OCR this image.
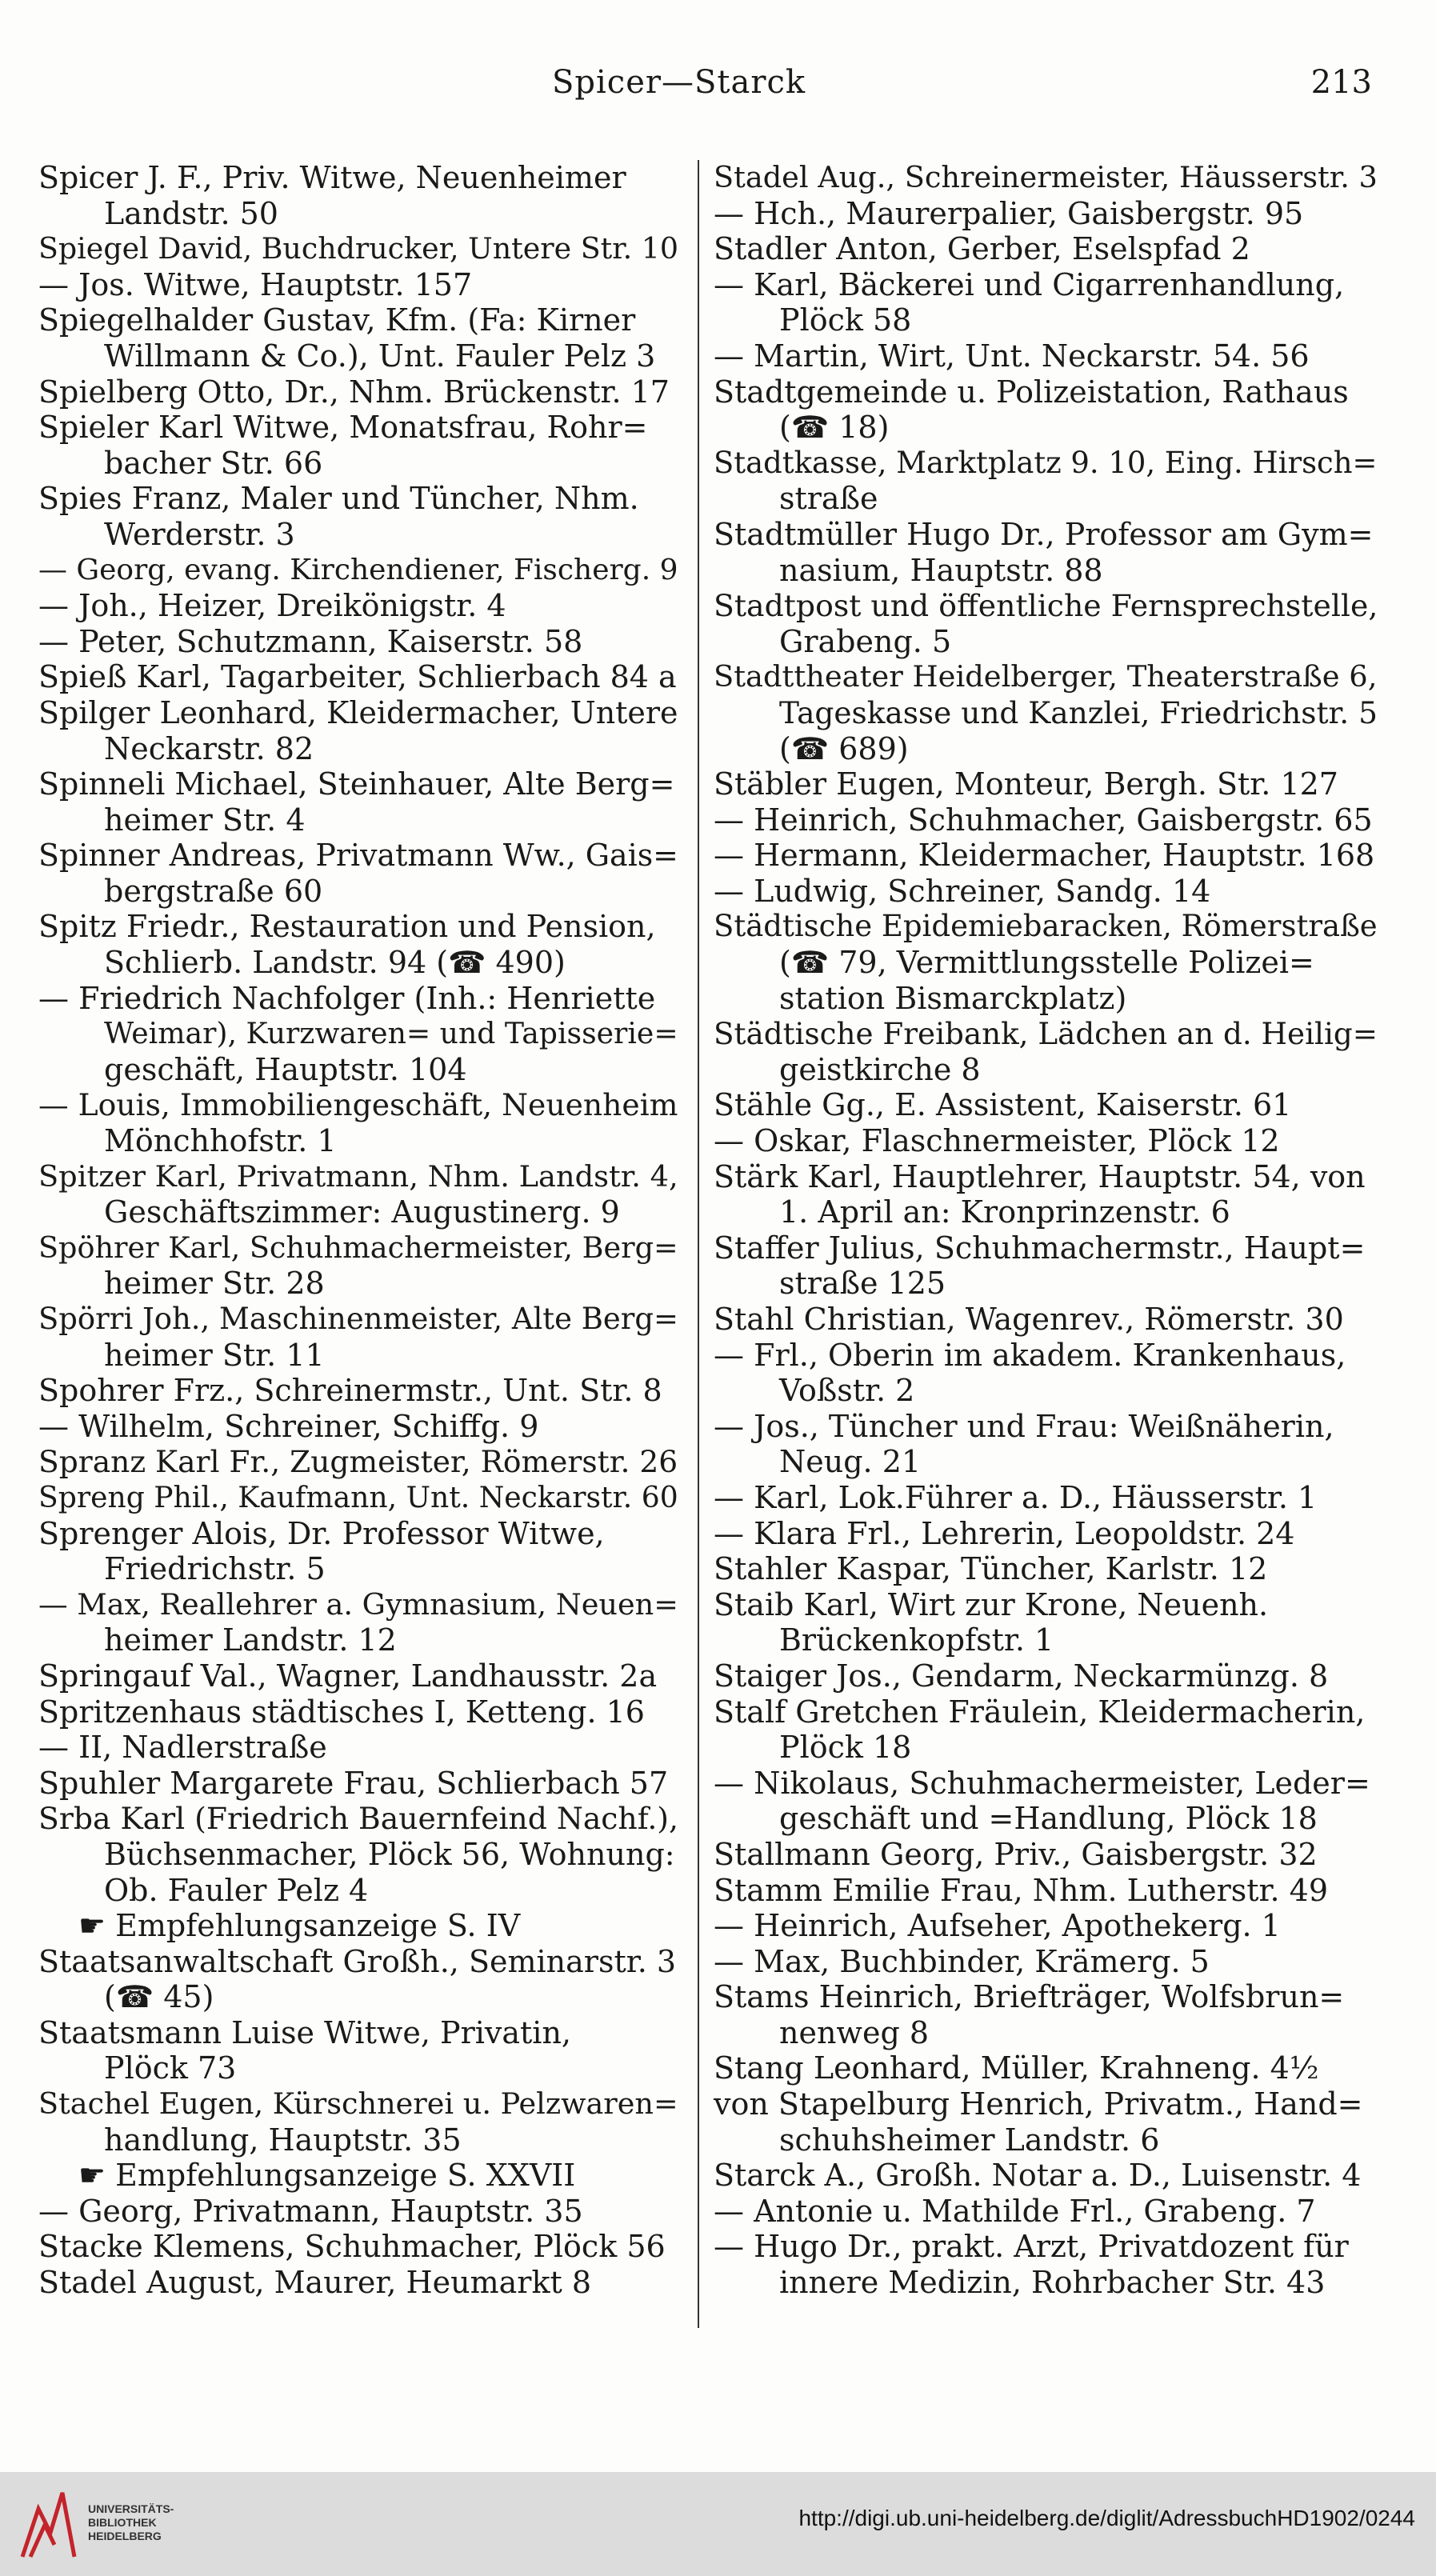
Spicer—Starck	213

Spicer J. F., Priv. Witwe, Neuenheimer

Landstr. 50

Spiegel David, Buchdrucker, Untere Str. 10

— Jos. Witwe, Hauptstr. 157

Spiegelhalder Gustav, Kfm. (Fa: Kirner

Willmann & Co.), Unt. Fauler Pelz 3

Spielberg Otto, Dr., Nhm. Brückenstr. 17

Spieler Karl Witwe, Monatsfrau, Rohr=

bacher Str. 66

Spies Franz, Maler und Tüncher, Nhm.

Werderstr. 3

— Georg, evang. Kirchendiener, Fischerg. 9

— Joh., Heizer, Dreikönigstr. 4

— Peter, Schutzmann, Kaiserstr. 58

Spieß Karl, Tagarbeiter, Schlierbach 84 a

Spilger Leonhard, Kleidermacher, Untere

Neckarstr. 82

Spinneli Michael, Steinhauer, Alte Berg=

heimer Str. 4

Spinner Andreas, Privatmann Ww., Gais=

bergstraße 60

Spitz Friedr., Restauration und Pension,

Schlierb. Landstr. 94 (☎ 490)

— Friedrich Nachfolger (Inh.: Henriette

Weimar), Kurzwaren= und Tapisserie=

geschäft, Hauptstr. 104

— Louis, Immobiliengeschäft, Neuenheim

Mönchhofstr. 1

Spitzer Karl, Privatmann, Nhm. Landstr. 4,

Geschäftszimmer: Augustinerg. 9

Spöhrer Karl, Schuhmachermeister, Berg=

heimer Str. 28

Spörri Joh., Maschinenmeister, Alte Berg=

heimer Str. 11

Spohrer Frz., Schreinermstr., Unt. Str. 8

— Wilhelm, Schreiner, Schiffg. 9

Spranz Karl Fr., Zugmeister, Römerstr. 26

Spreng Phil., Kaufmann, Unt. Neckarstr. 60

Sprenger Alois, Dr. Professor Witwe,

Friedrichstr. 5

— Max, Reallehrer a. Gymnasium, Neuen=

heimer Landstr. 12

Springauf Val., Wagner, Landhausstr. 2a

Spritzenhaus städtisches I, Ketteng. 16

— II, Nadlerstraße

Spuhler Margarete Frau, Schlierbach 57

Srba Karl (Friedrich Bauernfeind Nachf.),

Büchsenmacher, Plöck 56, Wohnung:

Ob. Fauler Pelz 4

☛ Empfehlungsanzeige S. IV

Staatsanwaltschaft Großh., Seminarstr. 3

(☎ 45)

Staatsmann Luise Witwe, Privatin,

Plöck 73

Stachel Eugen, Kürschnerei u. Pelzwaren=

handlung, Hauptstr. 35

☛ Empfehlungsanzeige S. XXVII

— Georg, Privatmann, Hauptstr. 35

Stacke Klemens, Schuhmacher, Plöck 56

Stadel August, Maurer, Heumarkt 8

Stadel Aug., Schreinermeister, Häusserstr. 3

— Hch., Maurerpalier, Gaisbergstr. 95

Stadler Anton, Gerber, Eselspfad 2

— Karl, Bäckerei und Cigarrenhandlung,

Plöck 58

— Martin, Wirt, Unt. Neckarstr. 54. 56

Stadtgemeinde u. Polizeistation, Rathaus

(☎ 18)

Stadtkasse, Marktplatz 9. 10, Eing. Hirsch=

straße

Stadtmüller Hugo Dr., Professor am Gym=

nasium, Hauptstr. 88

Stadtpost und öffentliche Fernsprechstelle,

Grabeng. 5

Stadttheater Heidelberger, Theaterstraße 6,

Tageskasse und Kanzlei, Friedrichstr. 5

(☎ 689)

Stäbler Eugen, Monteur, Bergh. Str. 127

— Heinrich, Schuhmacher, Gaisbergstr. 65

— Hermann, Kleidermacher, Hauptstr. 168

— Ludwig, Schreiner, Sandg. 14

Städtische Epidemiebaracken, Römerstraße

(☎ 79, Vermittlungsstelle Polizei=

station Bismarckplatz)

Städtische Freibank, Lädchen an d. Heilig=

geistkirche 8

Stähle Gg., E. Assistent, Kaiserstr. 61

— Oskar, Flaschnermeister, Plöck 12

Stärk Karl, Hauptlehrer, Hauptstr. 54, von

1. April an: Kronprinzenstr. 6

Staffer Julius, Schuhmachermstr., Haupt=

straße 125

Stahl Christian, Wagenrev., Römerstr. 30

— Frl., Oberin im akadem. Krankenhaus,

Voßstr. 2

— Jos., Tüncher und Frau: Weißnäherin,

Neug. 21

— Karl, Lok.Führer a. D., Häusserstr. 1

— Klara Frl., Lehrerin, Leopoldstr. 24

Stahler Kaspar, Tüncher, Karlstr. 12

Staib Karl, Wirt zur Krone, Neuenh.

Brückenkopfstr. 1

Staiger Jos., Gendarm, Neckarmünzg. 8

Stalf Gretchen Fräulein, Kleidermacherin,

Plöck 18

— Nikolaus, Schuhmachermeister, Leder=

geschäft und =Handlung, Plöck 18

Stallmann Georg, Priv., Gaisbergstr. 32

Stamm Emilie Frau, Nhm. Lutherstr. 49

— Heinrich, Aufseher, Apothekerg. 1

— Max, Buchbinder, Krämerg. 5

Stams Heinrich, Briefträger, Wolfsbrun=

nenweg 8

Stang Leonhard, Müller, Krahneng. 4½

von Stapelburg Henrich, Privatm., Hand=

schuhsheimer Landstr. 6

Starck A., Großh. Notar a. D., Luisenstr. 4

— Antonie u. Mathilde Frl., Grabeng. 7

— Hugo Dr., prakt. Arzt, Privatdozent für

innere Medizin, Rohrbacher Str. 43

UNIVERSITÄTS-
BIBLIOTHEK
HEIDELBERG
http://digi.ub.uni-heidelberg.de/diglit/AdressbuchHD1902/0244
